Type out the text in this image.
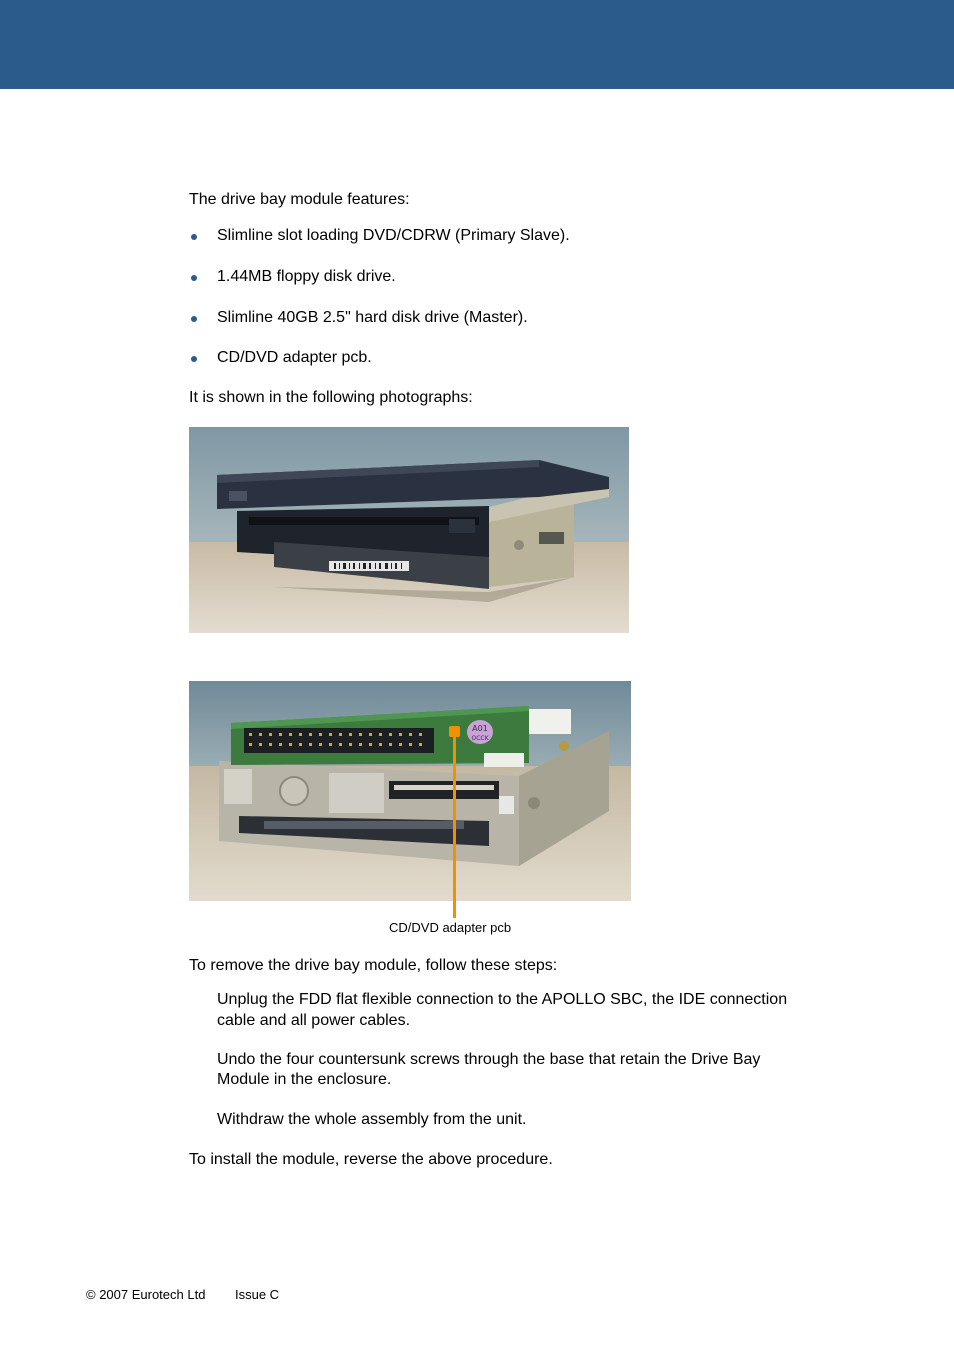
The drive bay module features:
Slimline slot loading DVD/CDRW (Primary Slave).
1.44MB floppy disk drive.
Slimline 40GB 2.5" hard disk drive (Master).
CD/DVD adapter pcb.
It is shown in the following photographs:
A01
OCCK
CD/DVD adapter pcb
To remove the drive bay module, follow these steps:
Unplug the FDD flat flexible connection to the APOLLO SBC, the IDE connection
cable and all power cables.
Undo the four countersunk screws through the base that retain the Drive Bay
Module in the enclosure.
Withdraw the whole assembly from the unit.
To install the module, reverse the above procedure.
© 2007 Eurotech Ltd Issue C
